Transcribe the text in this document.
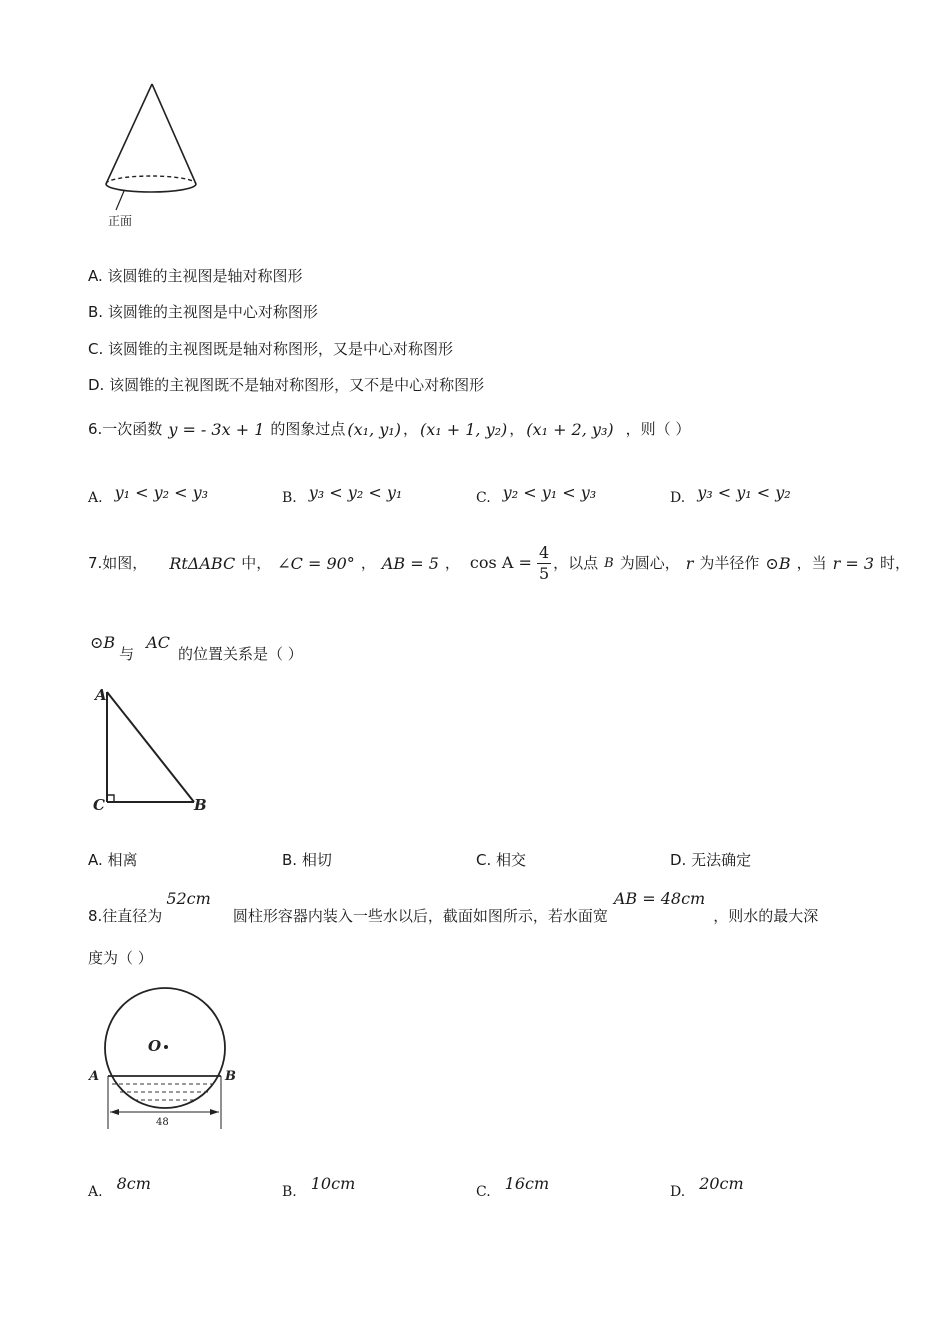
正面
A. 该圆锥的主视图是轴对称图形
B. 该圆锥的主视图是中心对称图形
C. 该圆锥的主视图既是轴对称图形，又是中心对称图形
D. 该圆锥的主视图既不是轴对称图形，又不是中心对称图形
6.一次函数 y = - 3x + 1 的图象过点 (x₁, y₁) ， (x₁ + 1, y₂) ， (x₁ + 2, y₃) ，则（ ）
A. y₁ < y₂ < y₃	B. y₃ < y₂ < y₁	C. y₂ < y₁ < y₃	D. y₃ < y₁ < y₂
7.如图， RtΔABC 中， ∠C = 90° ， AB = 5 ， $\cos A = \frac{4}{5}$ ，以点 B 为圆心， r 为半径作 ⊙B ，当 r = 3 时，
⊙B
与
AC
的位置关系是（ ）
A
C	B
A. 相离	B. 相切	C. 相交	D. 无法确定
8.往直径为
52cm
圆柱形容器内装入一些水以后，截面如图所示，若水面宽
AB = 48cm
，则水的最大深
度为（ ）
48
O
A	B
A. 8cm	B. 10cm	C. 16cm	D. 20cm
